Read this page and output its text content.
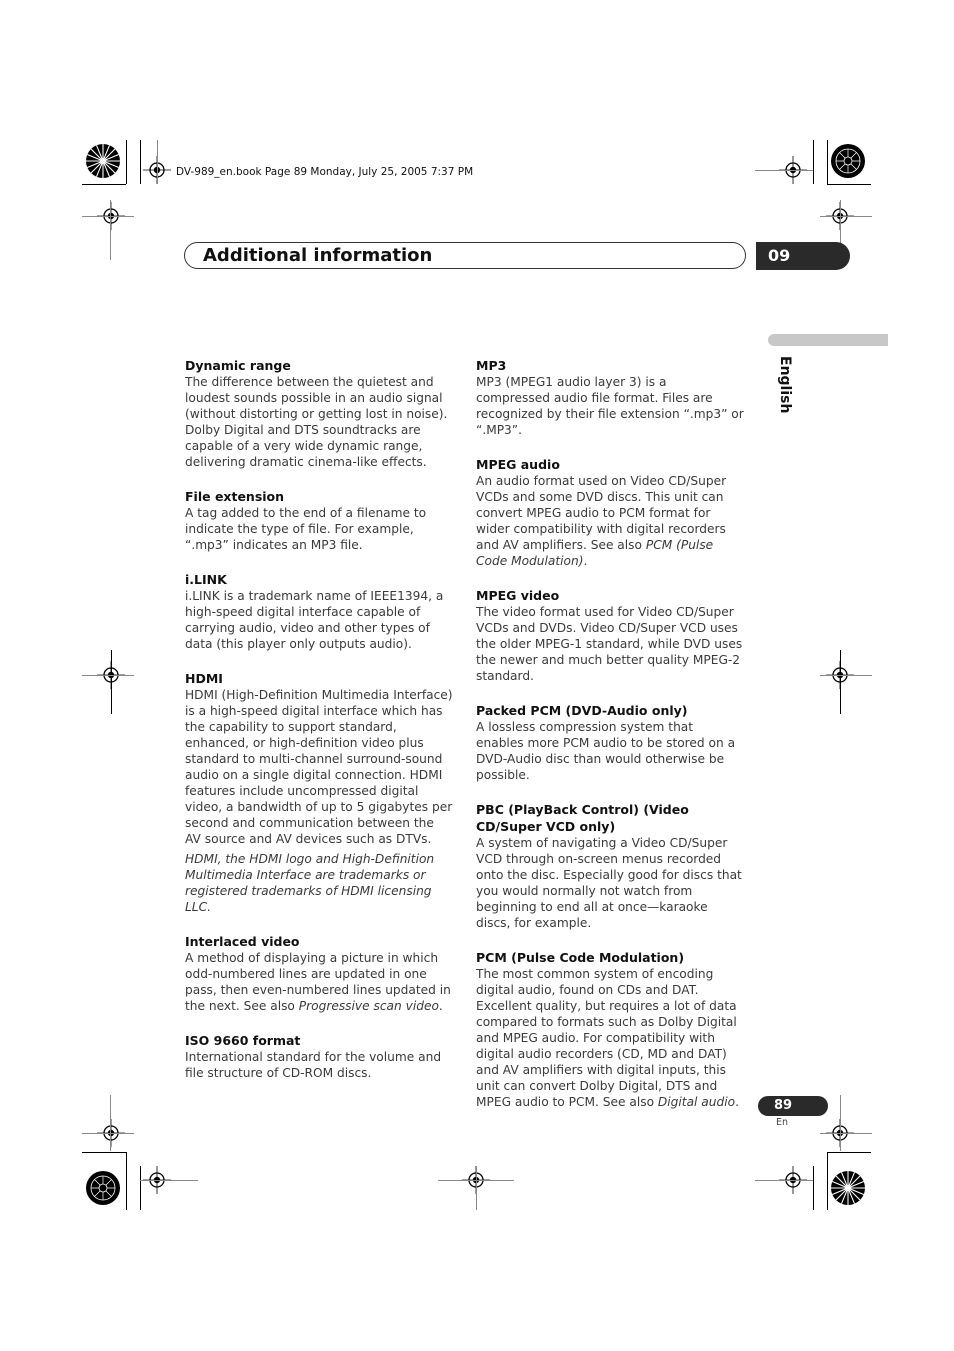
DV-989_en.book Page 89 Monday, July 25, 2005 7:37 PM
Additional information	09
English
Dynamic range
The difference between the quietest and loudest sounds possible in an audio signal (without distorting or getting lost in noise). Dolby Digital and DTS soundtracks are capable of a very wide dynamic range, delivering dramatic cinema-like effects.
File extension
A tag added to the end of a filename to indicate the type of file. For example, “.mp3” indicates an MP3 file.
i.LINK
i.LINK is a trademark name of IEEE1394, a high-speed digital interface capable of carrying audio, video and other types of data (this player only outputs audio).
HDMI
HDMI (High-Definition Multimedia Interface) is a high-speed digital interface which has the capability to support standard, enhanced, or high-definition video plus standard to multi-channel surround-sound audio on a single digital connection. HDMI features include uncompressed digital video, a bandwidth of up to 5 gigabytes per second and communication between the AV source and AV devices such as DTVs.
HDMI, the HDMI logo and High-Definition Multimedia Interface are trademarks or registered trademarks of HDMI licensing LLC.
Interlaced video
A method of displaying a picture in which odd-numbered lines are updated in one pass, then even-numbered lines updated in the next. See also Progressive scan video.
ISO 9660 format
International standard for the volume and file structure of CD-ROM discs.
MP3
MP3 (MPEG1 audio layer 3) is a compressed audio file format. Files are recognized by their file extension “.mp3” or “.MP3”.
MPEG audio
An audio format used on Video CD/Super VCDs and some DVD discs. This unit can convert MPEG audio to PCM format for wider compatibility with digital recorders and AV amplifiers. See also PCM (Pulse Code Modulation).
MPEG video
The video format used for Video CD/Super VCDs and DVDs. Video CD/Super VCD uses the older MPEG-1 standard, while DVD uses the newer and much better quality MPEG-2 standard.
Packed PCM (DVD-Audio only)
A lossless compression system that enables more PCM audio to be stored on a DVD-Audio disc than would otherwise be possible.
PBC (PlayBack Control) (Video CD/Super VCD only)
A system of navigating a Video CD/Super VCD through on-screen menus recorded onto the disc. Especially good for discs that you would normally not watch from beginning to end all at once—karaoke discs, for example.
PCM (Pulse Code Modulation)
The most common system of encoding digital audio, found on CDs and DAT. Excellent quality, but requires a lot of data compared to formats such as Dolby Digital and MPEG audio. For compatibility with digital audio recorders (CD, MD and DAT) and AV amplifiers with digital inputs, this unit can convert Dolby Digital, DTS and MPEG audio to PCM. See also Digital audio.	89
En
